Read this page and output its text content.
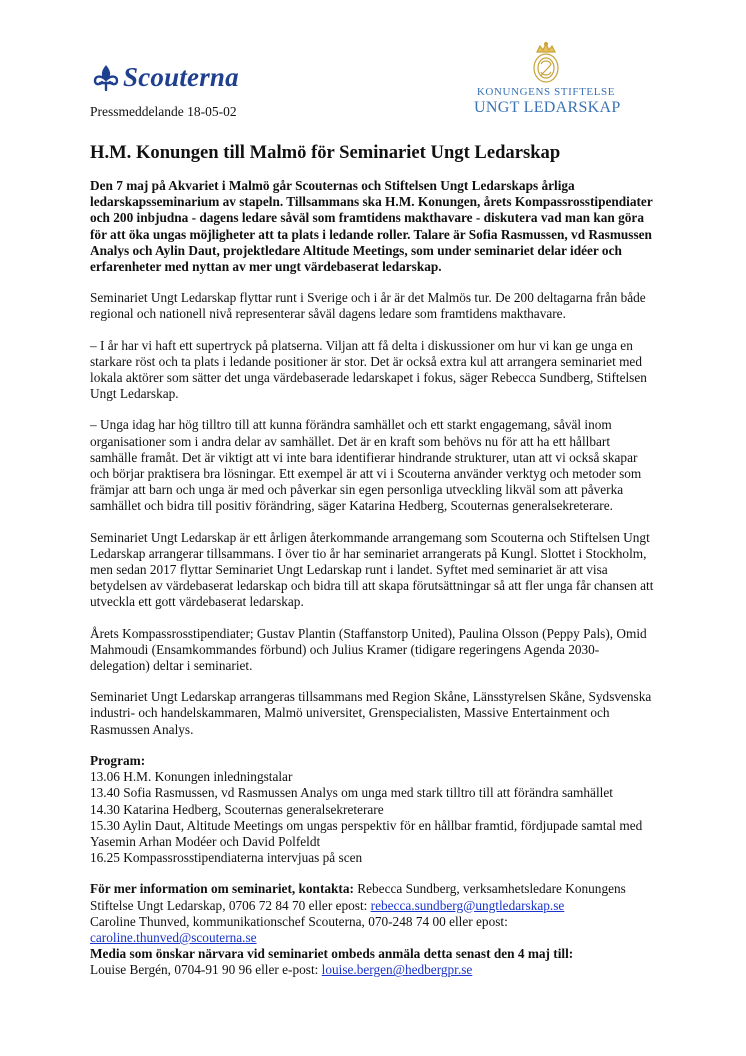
Scouterna
Pressmeddelande 18-05-02
KONUNGENS STIFTELSE
UNGT LEDARSKAP
H.M. Konungen till Malmö för Seminariet Ungt Ledarskap

Den 7 maj på Akvariet i Malmö går Scouternas och Stiftelsen Ungt Ledarskaps årliga ledarskapsseminarium av stapeln. Tillsammans ska H.M. Konungen, årets Kompassrosstipendiater och 200 inbjudna - dagens ledare såväl som framtidens makthavare - diskutera vad man kan göra för att öka ungas möjligheter att ta plats i ledande roller. Talare är Sofia Rasmussen, vd Rasmussen Analys och Aylin Daut, projektledare Altitude Meetings, som under seminariet delar idéer och erfarenheter med nyttan av mer ungt värdebaserat ledarskap.

Seminariet Ungt Ledarskap flyttar runt i Sverige och i år är det Malmös tur. De 200 deltagarna från både regional och nationell nivå representerar såväl dagens ledare som framtidens makthavare.

– I år har vi haft ett supertryck på platserna. Viljan att få delta i diskussioner om hur vi kan ge unga en starkare röst och ta plats i ledande positioner är stor. Det är också extra kul att arrangera seminariet med lokala aktörer som sätter det unga värdebaserade ledarskapet i fokus, säger Rebecca Sundberg, Stiftelsen Ungt Ledarskap.

– Unga idag har hög tilltro till att kunna förändra samhället och ett starkt engagemang, såväl inom organisationer som i andra delar av samhället. Det är en kraft som behövs nu för att ha ett hållbart samhälle framåt. Det är viktigt att vi inte bara identifierar hindrande strukturer, utan att vi också skapar och börjar praktisera bra lösningar. Ett exempel är att vi i Scouterna använder verktyg och metoder som främjar att barn och unga är med och påverkar sin egen personliga utveckling likväl som att påverka samhället och bidra till positiv förändring, säger Katarina Hedberg, Scouternas generalsekreterare.

Seminariet Ungt Ledarskap är ett årligen återkommande arrangemang som Scouterna och Stiftelsen Ungt Ledarskap arrangerar tillsammans. I över tio år har seminariet arrangerats på Kungl. Slottet i Stockholm, men sedan 2017 flyttar Seminariet Ungt Ledarskap runt i landet. Syftet med seminariet är att visa betydelsen av värdebaserat ledarskap och bidra till att skapa förutsättningar så att fler unga får chansen att utveckla ett gott värdebaserat ledarskap.

Årets Kompassrosstipendiater; Gustav Plantin (Staffanstorp United), Paulina Olsson (Peppy Pals), Omid Mahmoudi (Ensamkommandes förbund) och Julius Kramer (tidigare regeringens Agenda 2030-delegation) deltar i seminariet.

Seminariet Ungt Ledarskap arrangeras tillsammans med Region Skåne, Länsstyrelsen Skåne, Sydsvenska industri- och handelskammaren, Malmö universitet, Grenspecialisten, Massive Entertainment och Rasmussen Analys.

Program:
13.06 H.M. Konungen inledningstalar
13.40 Sofia Rasmussen, vd Rasmussen Analys om unga med stark tilltro till att förändra samhället
14.30 Katarina Hedberg, Scouternas generalsekreterare
15.30 Aylin Daut, Altitude Meetings om ungas perspektiv för en hållbar framtid, fördjupade samtal med Yasemin Arhan Modéer och David Polfeldt
16.25 Kompassrosstipendiaterna intervjuas på scen
För mer information om seminariet, kontakta: Rebecca Sundberg, verksamhetsledare Konungens Stiftelse Ungt Ledarskap, 0706 72 84 70 eller epost: rebecca.sundberg@ungtledarskap.se
Caroline Thunved, kommunikationschef Scouterna, 070-248 74 00 eller epost: caroline.thunved@scouterna.se
Media som önskar närvara vid seminariet ombeds anmäla detta senast den 4 maj till:
Louise Bergén, 0704-91 90 96 eller e-post: louise.bergen@hedbergpr.se
